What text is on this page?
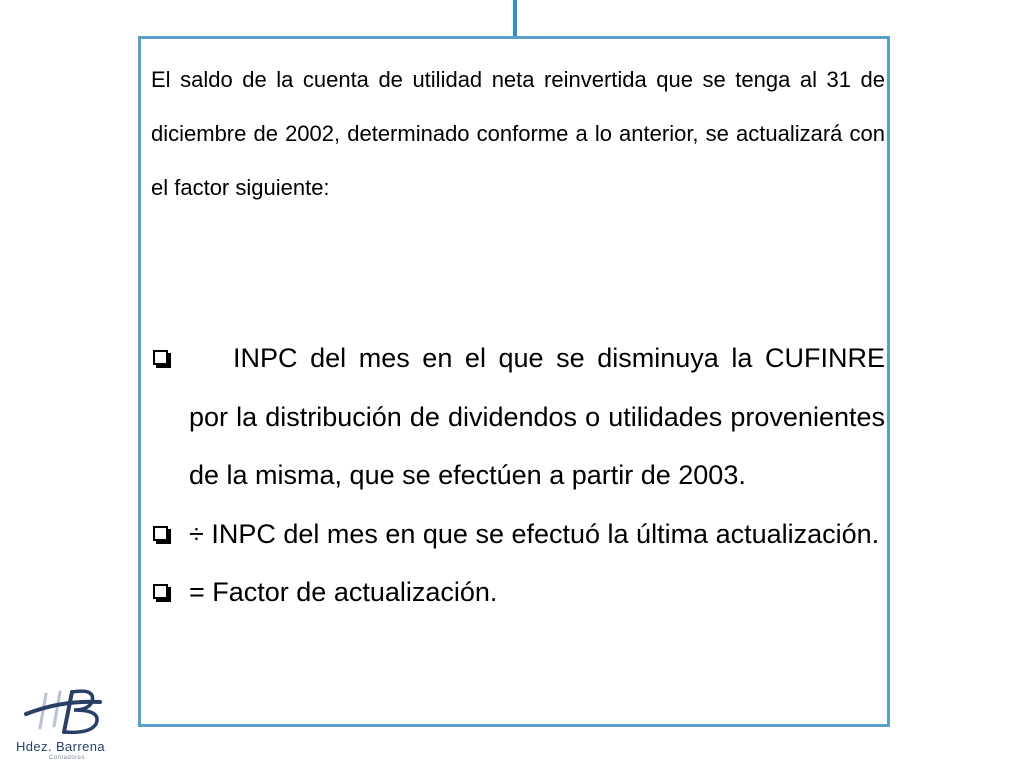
El saldo de la cuenta de utilidad neta reinvertida que se tenga al 31 de diciembre de 2002, determinado conforme a lo anterior, se actualizará con el factor siguiente:

INPC del mes en el que se disminuya la CUFINRE por la distribución de dividendos o utilidades provenientes de la misma, que se efectúen a partir de 2003.
÷ INPC del mes en que se efectuó la última actualización.
= Factor de actualización.
Hdez. Barrena
Contadores
